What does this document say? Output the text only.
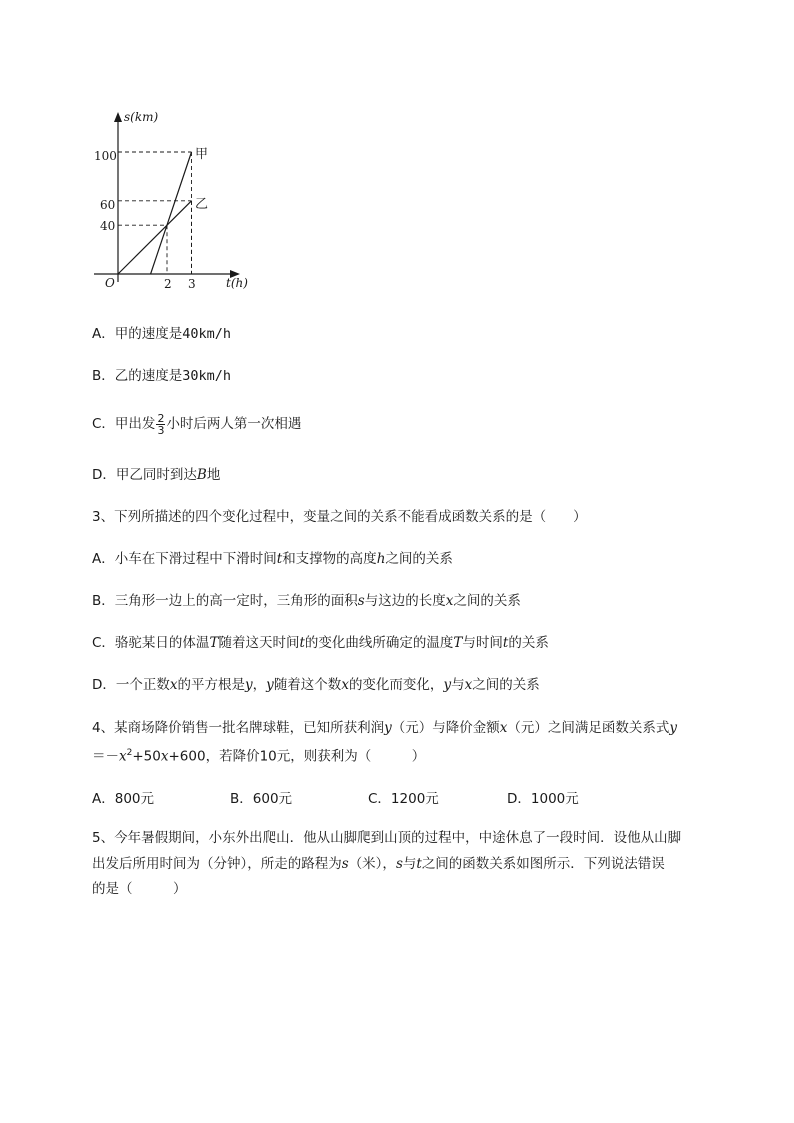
s(km)
t(h)
O
100
60
40
2 3
甲
乙
A．甲的速度是40km/h
B．乙的速度是30km/h
C．甲出发 $\frac{2}{3}$ 小时后两人第一次相遇
D．甲乙同时到达B地
3、下列所描述的四个变化过程中，变量之间的关系不能看成函数关系的是（　　）
A．小车在下滑过程中下滑时间t和支撑物的高度h之间的关系
B．三角形一边上的高一定时，三角形的面积s与这边的长度x之间的关系
C．骆驼某日的体温T随着这天时间t的变化曲线所确定的温度T与时间t的关系
D．一个正数x的平方根是y，y随着这个数x的变化而变化，y与x之间的关系
4、某商场降价销售一批名牌球鞋，已知所获利润y（元）与降价金额x（元）之间满足函数关系式y
$=-x^2+50x+600$，若降价10元，则获利为（　　　）
A．800元	B．600元	C．1200元	D．1000元
5、今年暑假期间，小东外出爬山．他从山脚爬到山顶的过程中，中途休息了一段时间．设他从山脚
出发后所用时间为（分钟），所走的路程为s（米），s与t之间的函数关系如图所示．下列说法错误
的是（　　　）
